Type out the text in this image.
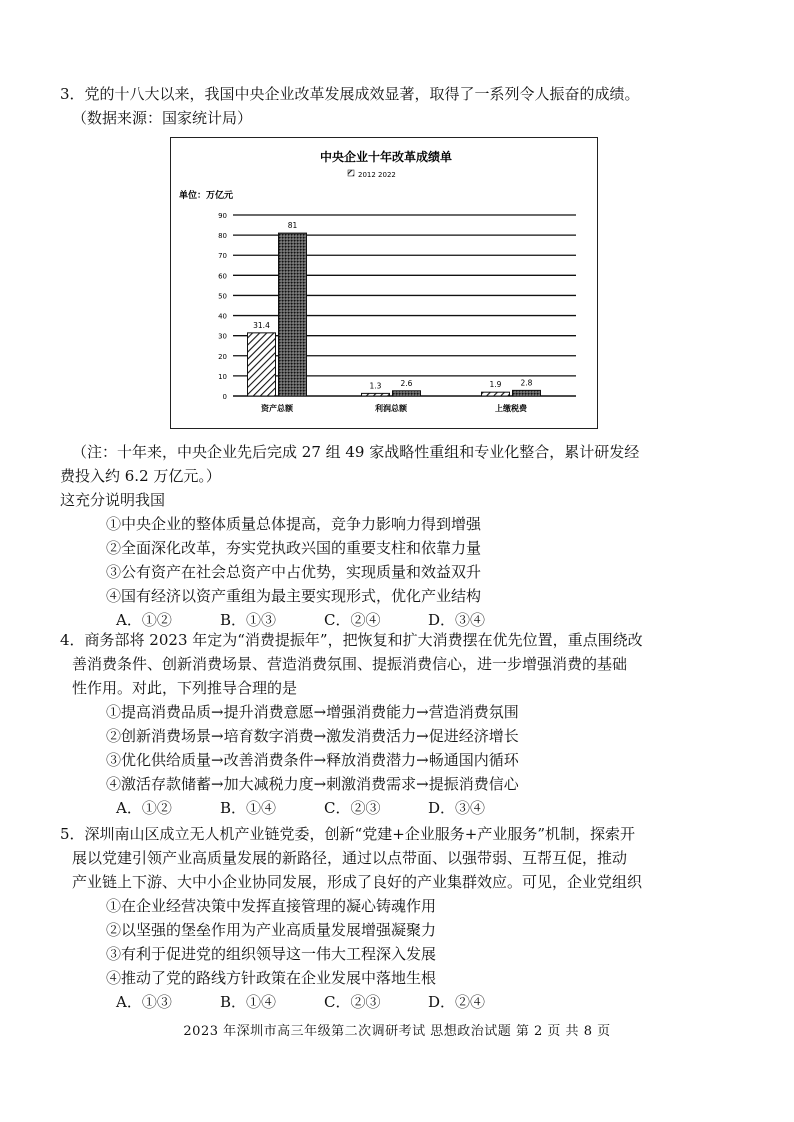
3．党的十八大以来，我国中央企业改革发展成效显著，取得了一系列令人振奋的成绩。
（数据来源：国家统计局）
中央企业十年改革成绩单
2012 2022
单位：万亿元
0
10
20
30
40
50
60
70
80
90
31.4
81
1.3	2.6	1.9	2.8
资产总额	利润总额	上缴税费
（注：十年来，中央企业先后完成 27 组 49 家战略性重组和专业化整合，累计研发经
费投入约 6.2 万亿元。）
这充分说明我国
①中央企业的整体质量总体提高，竞争力影响力得到增强
②全面深化改革，夯实党执政兴国的重要支柱和依靠力量
③公有资产在社会总资产中占优势，实现质量和效益双升
④国有经济以资产重组为最主要实现形式，优化产业结构
A．①②	B．①③	C．②④	D．③④
4．商务部将 2023 年定为“消费提振年”，把恢复和扩大消费摆在优先位置，重点围绕改
善消费条件、创新消费场景、营造消费氛围、提振消费信心，进一步增强消费的基础
性作用。对此，下列推导合理的是
①提高消费品质→提升消费意愿→增强消费能力→营造消费氛围
②创新消费场景→培育数字消费→激发消费活力→促进经济增长
③优化供给质量→改善消费条件→释放消费潜力→畅通国内循环
④激活存款储蓄→加大减税力度→刺激消费需求→提振消费信心
A．①②	B．①④	C．②③	D．③④
5．深圳南山区成立无人机产业链党委，创新“党建+企业服务+产业服务”机制，探索开
展以党建引领产业高质量发展的新路径，通过以点带面、以强带弱、互帮互促，推动
产业链上下游、大中小企业协同发展，形成了良好的产业集群效应。可见，企业党组织
①在企业经营决策中发挥直接管理的凝心铸魂作用
②以坚强的堡垒作用为产业高质量发展增强凝聚力
③有利于促进党的组织领导这一伟大工程深入发展
④推动了党的路线方针政策在企业发展中落地生根
A．①③	B．①④	C．②③	D．②④
2023 年深圳市高三年级第二次调研考试 思想政治试题 第 2 页 共 8 页
